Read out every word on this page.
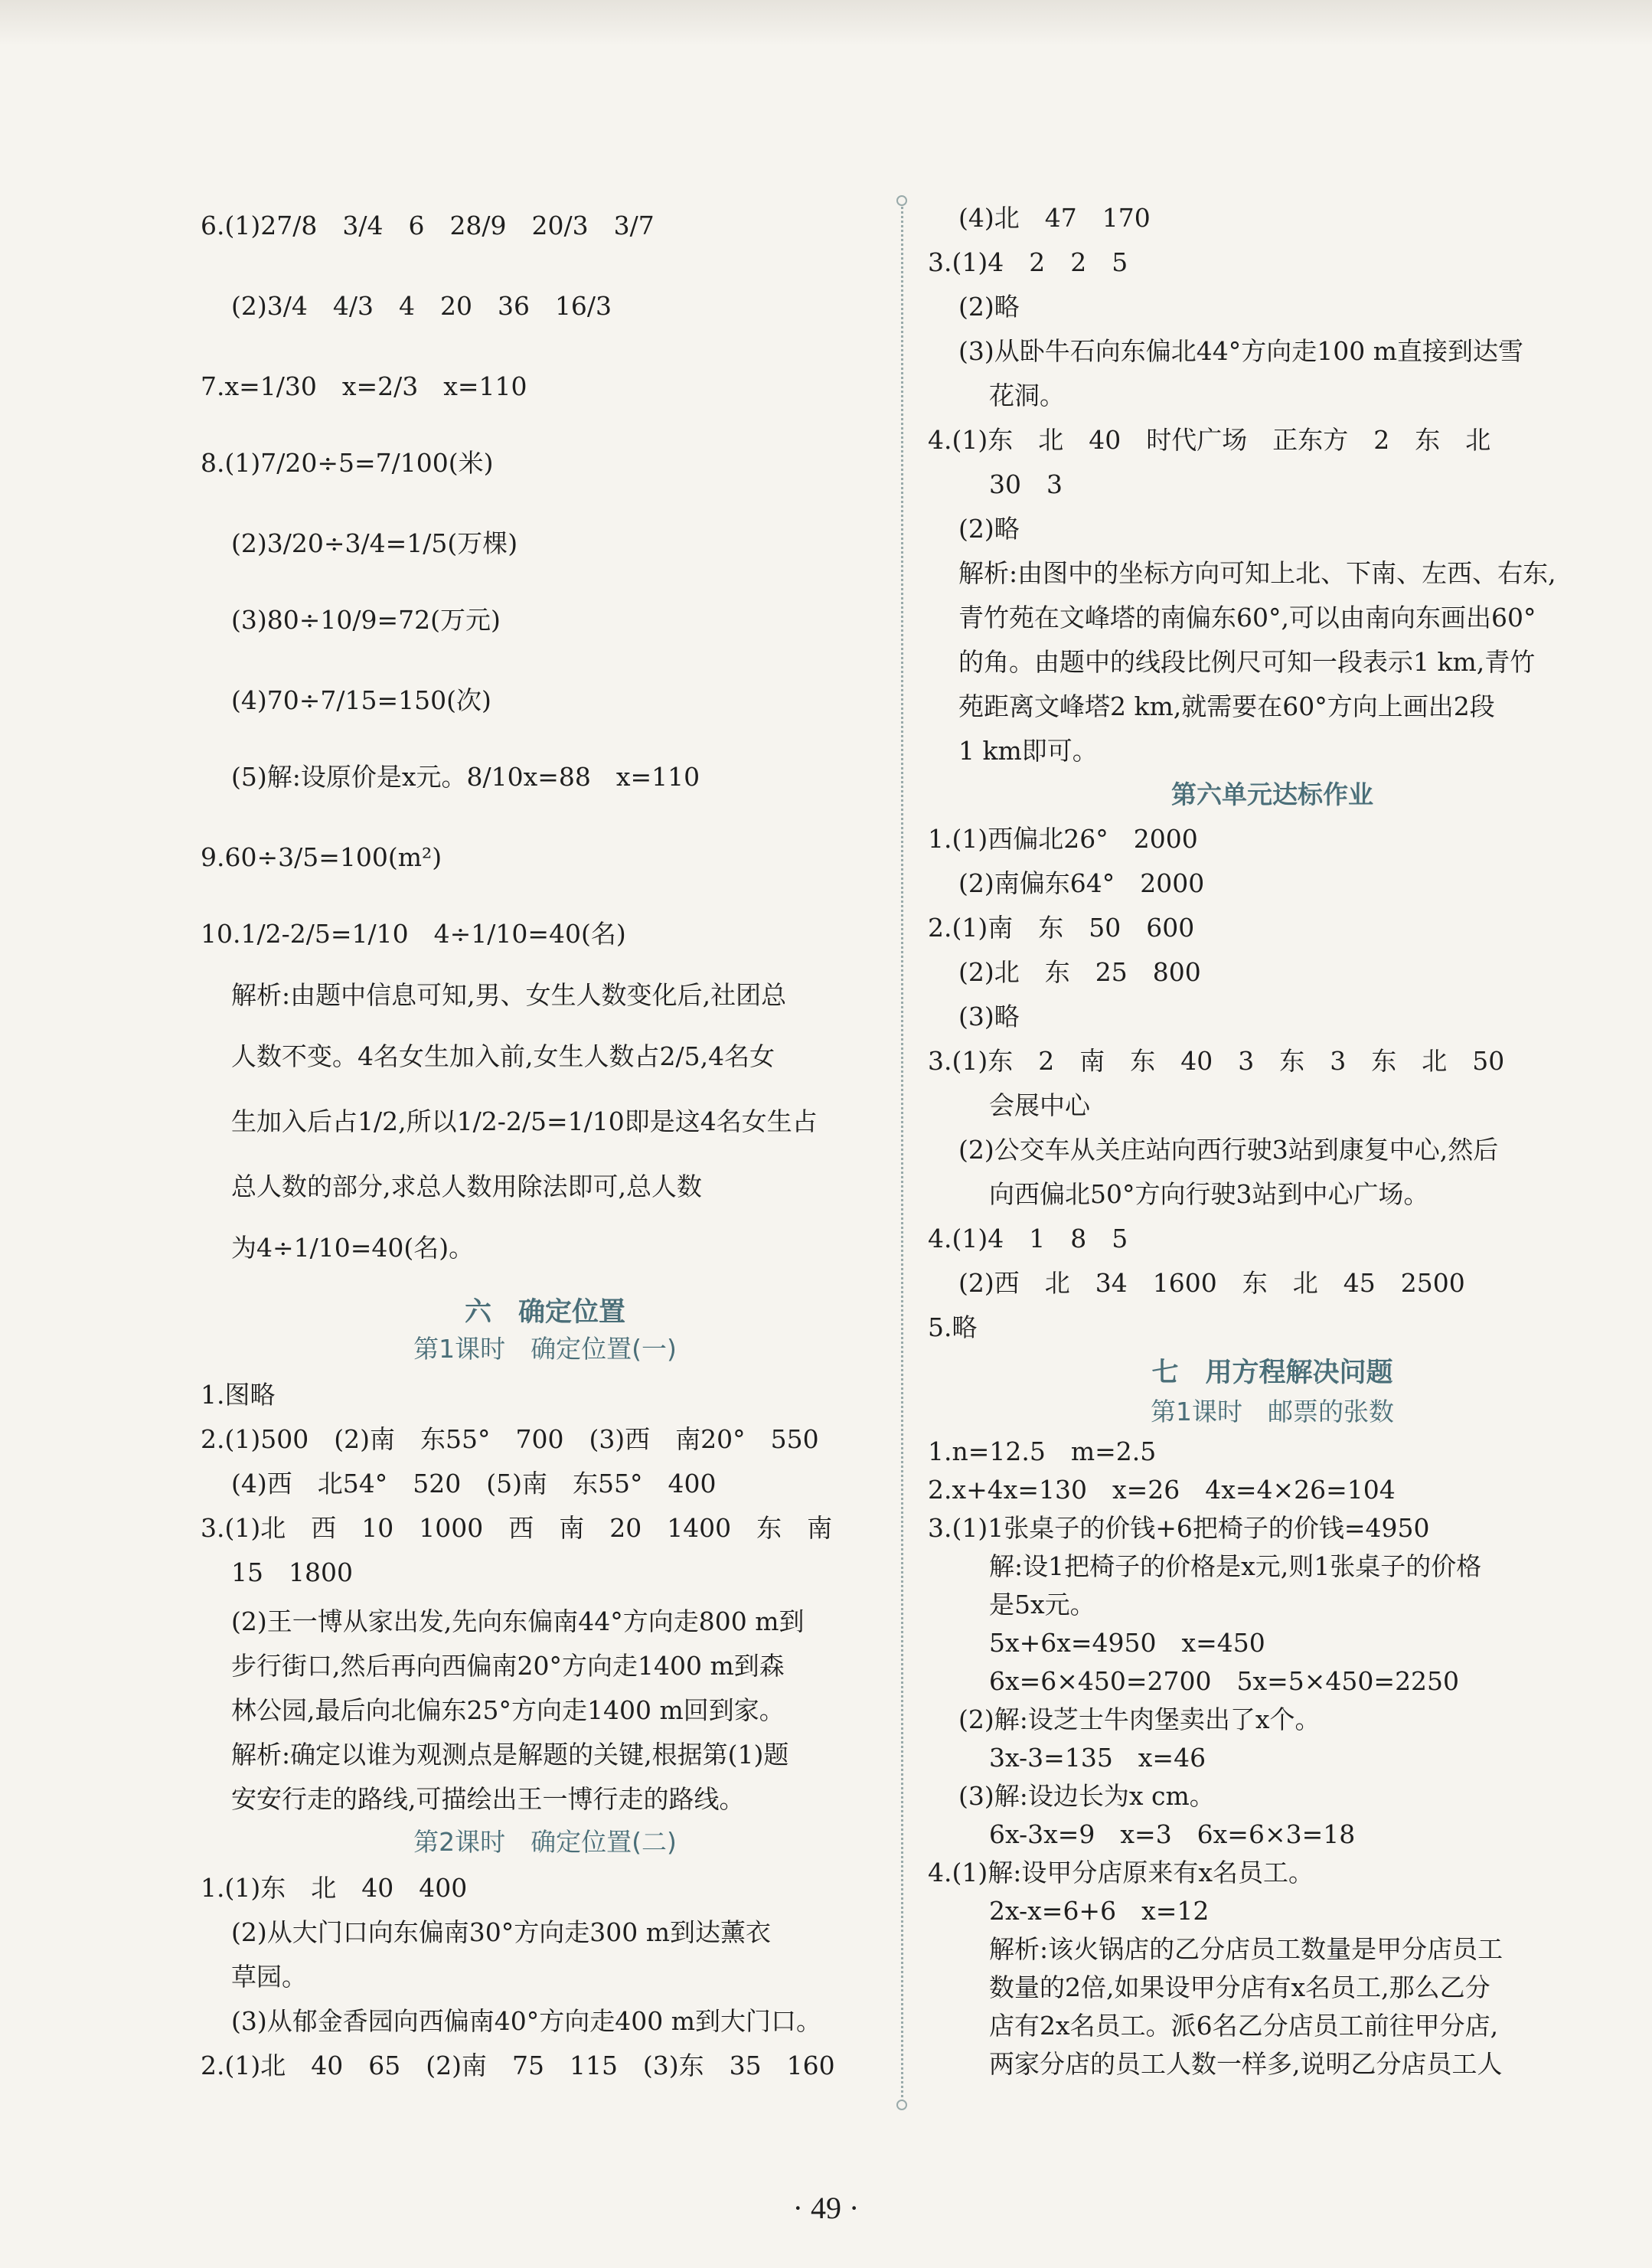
6.(1)27/8　3/4　6　28/9　20/3　3/7
(2)3/4　4/3　4　20　36　16/3
7.x=1/30　x=2/3　x=110
8.(1)7/20÷5=7/100(米)
(2)3/20÷3/4=1/5(万棵)
(3)80÷10/9=72(万元)
(4)70÷7/15=150(次)
(5)解:设原价是x元。8/10x=88　x=110
9.60÷3/5=100(m²)
10.1/2-2/5=1/10　4÷1/10=40(名)
解析:由题中信息可知,男、女生人数变化后,社团总
人数不变。4名女生加入前,女生人数占2/5,4名女
生加入后占1/2,所以1/2-2/5=1/10即是这4名女生占
总人数的部分,求总人数用除法即可,总人数
为4÷1/10=40(名)。
六　确定位置
第1课时　确定位置(一)
1.图略
2.(1)500　(2)南　东55°　700　(3)西　南20°　550
(4)西　北54°　520　(5)南　东55°　400
3.(1)北　西　10　1000　西　南　20　1400　东　南
15　1800
(2)王一博从家出发,先向东偏南44°方向走800 m到
步行街口,然后再向西偏南20°方向走1400 m到森
林公园,最后向北偏东25°方向走1400 m回到家。
解析:确定以谁为观测点是解题的关键,根据第(1)题
安安行走的路线,可描绘出王一博行走的路线。
第2课时　确定位置(二)
1.(1)东　北　40　400
(2)从大门口向东偏南30°方向走300 m到达薰衣
草园。
(3)从郁金香园向西偏南40°方向走400 m到大门口。
2.(1)北　40　65　(2)南　75　115　(3)东　35　160
(4)北　47　170
3.(1)4　2　2　5
(2)略
(3)从卧牛石向东偏北44°方向走100 m直接到达雪
花洞。
4.(1)东　北　40　时代广场　正东方　2　东　北
30　3
(2)略
解析:由图中的坐标方向可知上北、下南、左西、右东,
青竹苑在文峰塔的南偏东60°,可以由南向东画出60°
的角。由题中的线段比例尺可知一段表示1 km,青竹
苑距离文峰塔2 km,就需要在60°方向上画出2段
1 km即可。
第六单元达标作业
1.(1)西偏北26°　2000
(2)南偏东64°　2000
2.(1)南　东　50　600
(2)北　东　25　800
(3)略
3.(1)东　2　南　东　40　3　东　3　东　北　50
会展中心
(2)公交车从关庄站向西行驶3站到康复中心,然后
向西偏北50°方向行驶3站到中心广场。
4.(1)4　1　8　5
(2)西　北　34　1600　东　北　45　2500
5.略
七　用方程解决问题
第1课时　邮票的张数
1.n=12.5　m=2.5
2.x+4x=130　x=26　4x=4×26=104
3.(1)1张桌子的价钱+6把椅子的价钱=4950
解:设1把椅子的价格是x元,则1张桌子的价格
是5x元。
5x+6x=4950　x=450
6x=6×450=2700　5x=5×450=2250
(2)解:设芝士牛肉堡卖出了x个。
3x-3=135　x=46
(3)解:设边长为x cm。
6x-3x=9　x=3　6x=6×3=18
4.(1)解:设甲分店原来有x名员工。
2x-x=6+6　x=12
解析:该火锅店的乙分店员工数量是甲分店员工
数量的2倍,如果设甲分店有x名员工,那么乙分
店有2x名员工。派6名乙分店员工前往甲分店,
两家分店的员工人数一样多,说明乙分店员工人
· 49 ·
